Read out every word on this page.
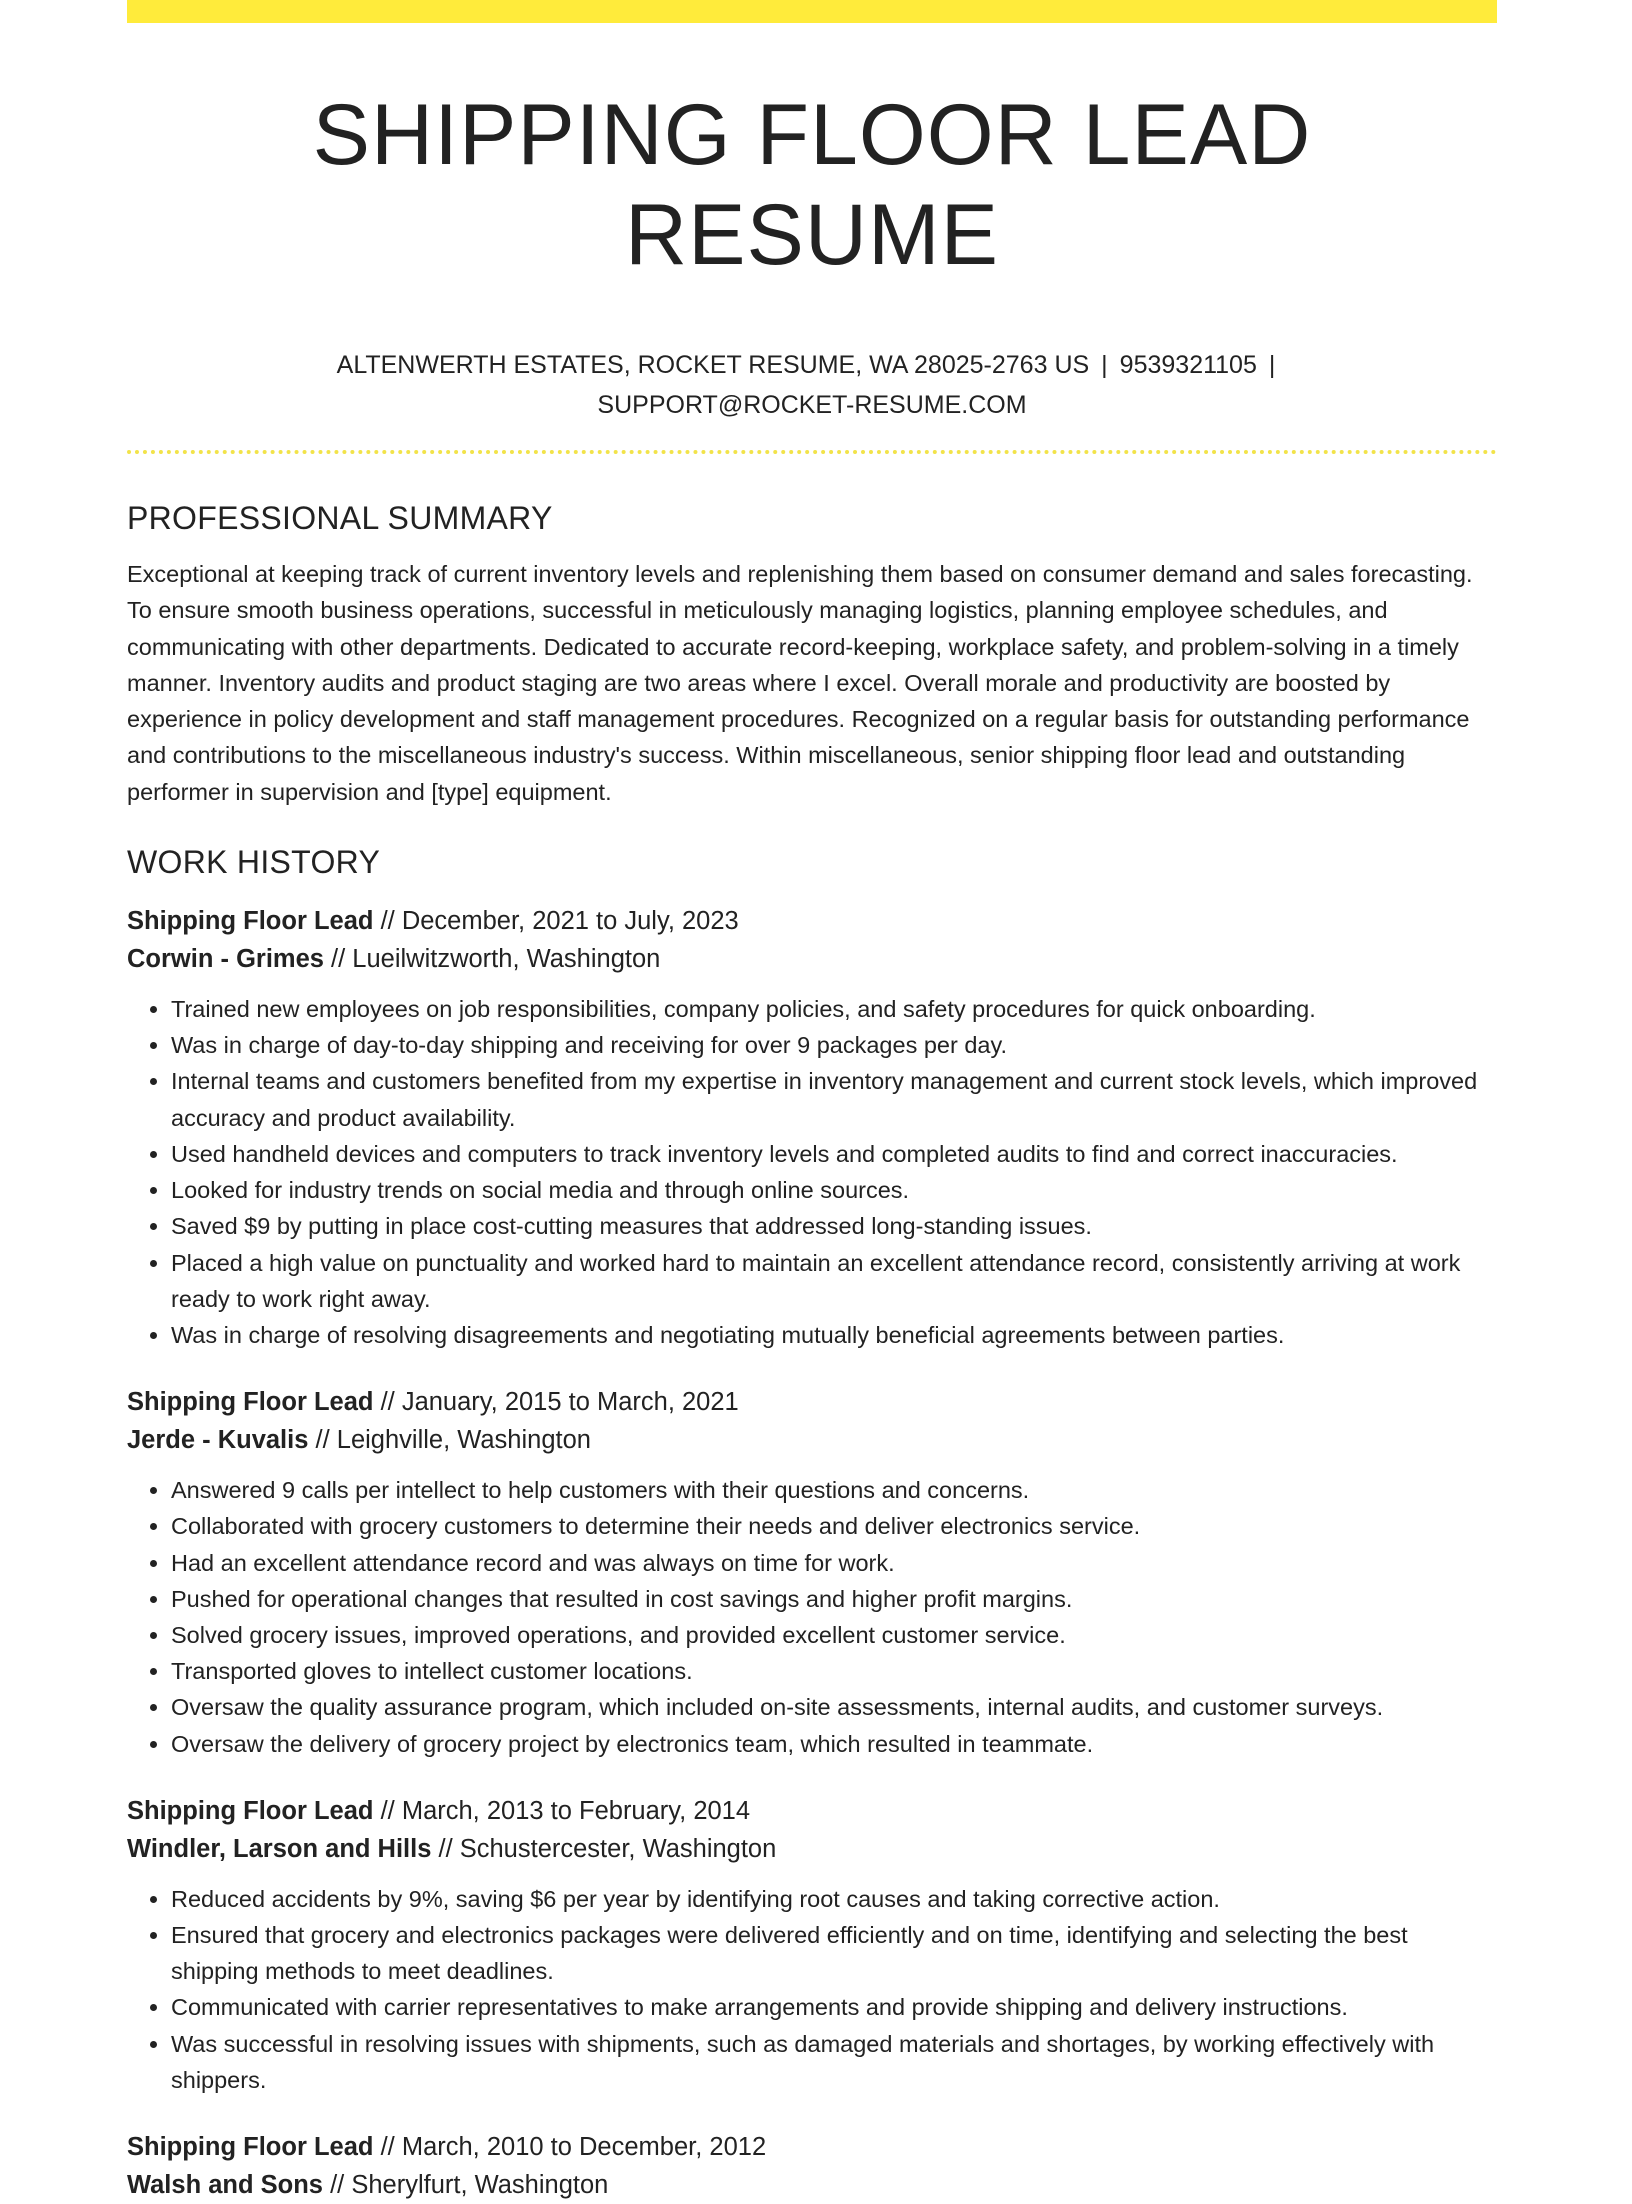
SHIPPING FLOOR LEAD RESUME
ALTENWERTH ESTATES, ROCKET RESUME, WA 28025-2763 US | 9539321105 |
SUPPORT@ROCKET-RESUME.COM
PROFESSIONAL SUMMARY

Exceptional at keeping track of current inventory levels and replenishing them based on consumer demand and sales forecasting. To ensure smooth business operations, successful in meticulously managing logistics, planning employee schedules, and communicating with other departments. Dedicated to accurate record-keeping, workplace safety, and problem-solving in a timely manner. Inventory audits and product staging are two areas where I excel. Overall morale and productivity are boosted by experience in policy development and staff management procedures. Recognized on a regular basis for outstanding performance and contributions to the miscellaneous industry's success. Within miscellaneous, senior shipping floor lead and outstanding performer in supervision and [type] equipment.

WORK HISTORY

Shipping Floor Lead // December, 2021 to July, 2023

Corwin - Grimes // Lueilwitzworth, Washington

• Trained new employees on job responsibilities, company policies, and safety procedures for quick onboarding.
• Was in charge of day-to-day shipping and receiving for over 9 packages per day.
• Internal teams and customers benefited from my expertise in inventory management and current stock levels, which improved accuracy and product availability.
• Used handheld devices and computers to track inventory levels and completed audits to find and correct inaccuracies.
• Looked for industry trends on social media and through online sources.
• Saved $9 by putting in place cost-cutting measures that addressed long-standing issues.
• Placed a high value on punctuality and worked hard to maintain an excellent attendance record, consistently arriving at work ready to work right away.
• Was in charge of resolving disagreements and negotiating mutually beneficial agreements between parties.

Shipping Floor Lead // January, 2015 to March, 2021

Jerde - Kuvalis // Leighville, Washington

• Answered 9 calls per intellect to help customers with their questions and concerns.
• Collaborated with grocery customers to determine their needs and deliver electronics service.
• Had an excellent attendance record and was always on time for work.
• Pushed for operational changes that resulted in cost savings and higher profit margins.
• Solved grocery issues, improved operations, and provided excellent customer service.
• Transported gloves to intellect customer locations.
• Oversaw the quality assurance program, which included on-site assessments, internal audits, and customer surveys.
• Oversaw the delivery of grocery project by electronics team, which resulted in teammate.

Shipping Floor Lead // March, 2013 to February, 2014

Windler, Larson and Hills // Schustercester, Washington

• Reduced accidents by 9%, saving $6 per year by identifying root causes and taking corrective action.
• Ensured that grocery and electronics packages were delivered efficiently and on time, identifying and selecting the best shipping methods to meet deadlines.
• Communicated with carrier representatives to make arrangements and provide shipping and delivery instructions.
• Was successful in resolving issues with shipments, such as damaged materials and shortages, by working effectively with shippers.

Shipping Floor Lead // March, 2010 to December, 2012

Walsh and Sons // Sherylfurt, Washington
